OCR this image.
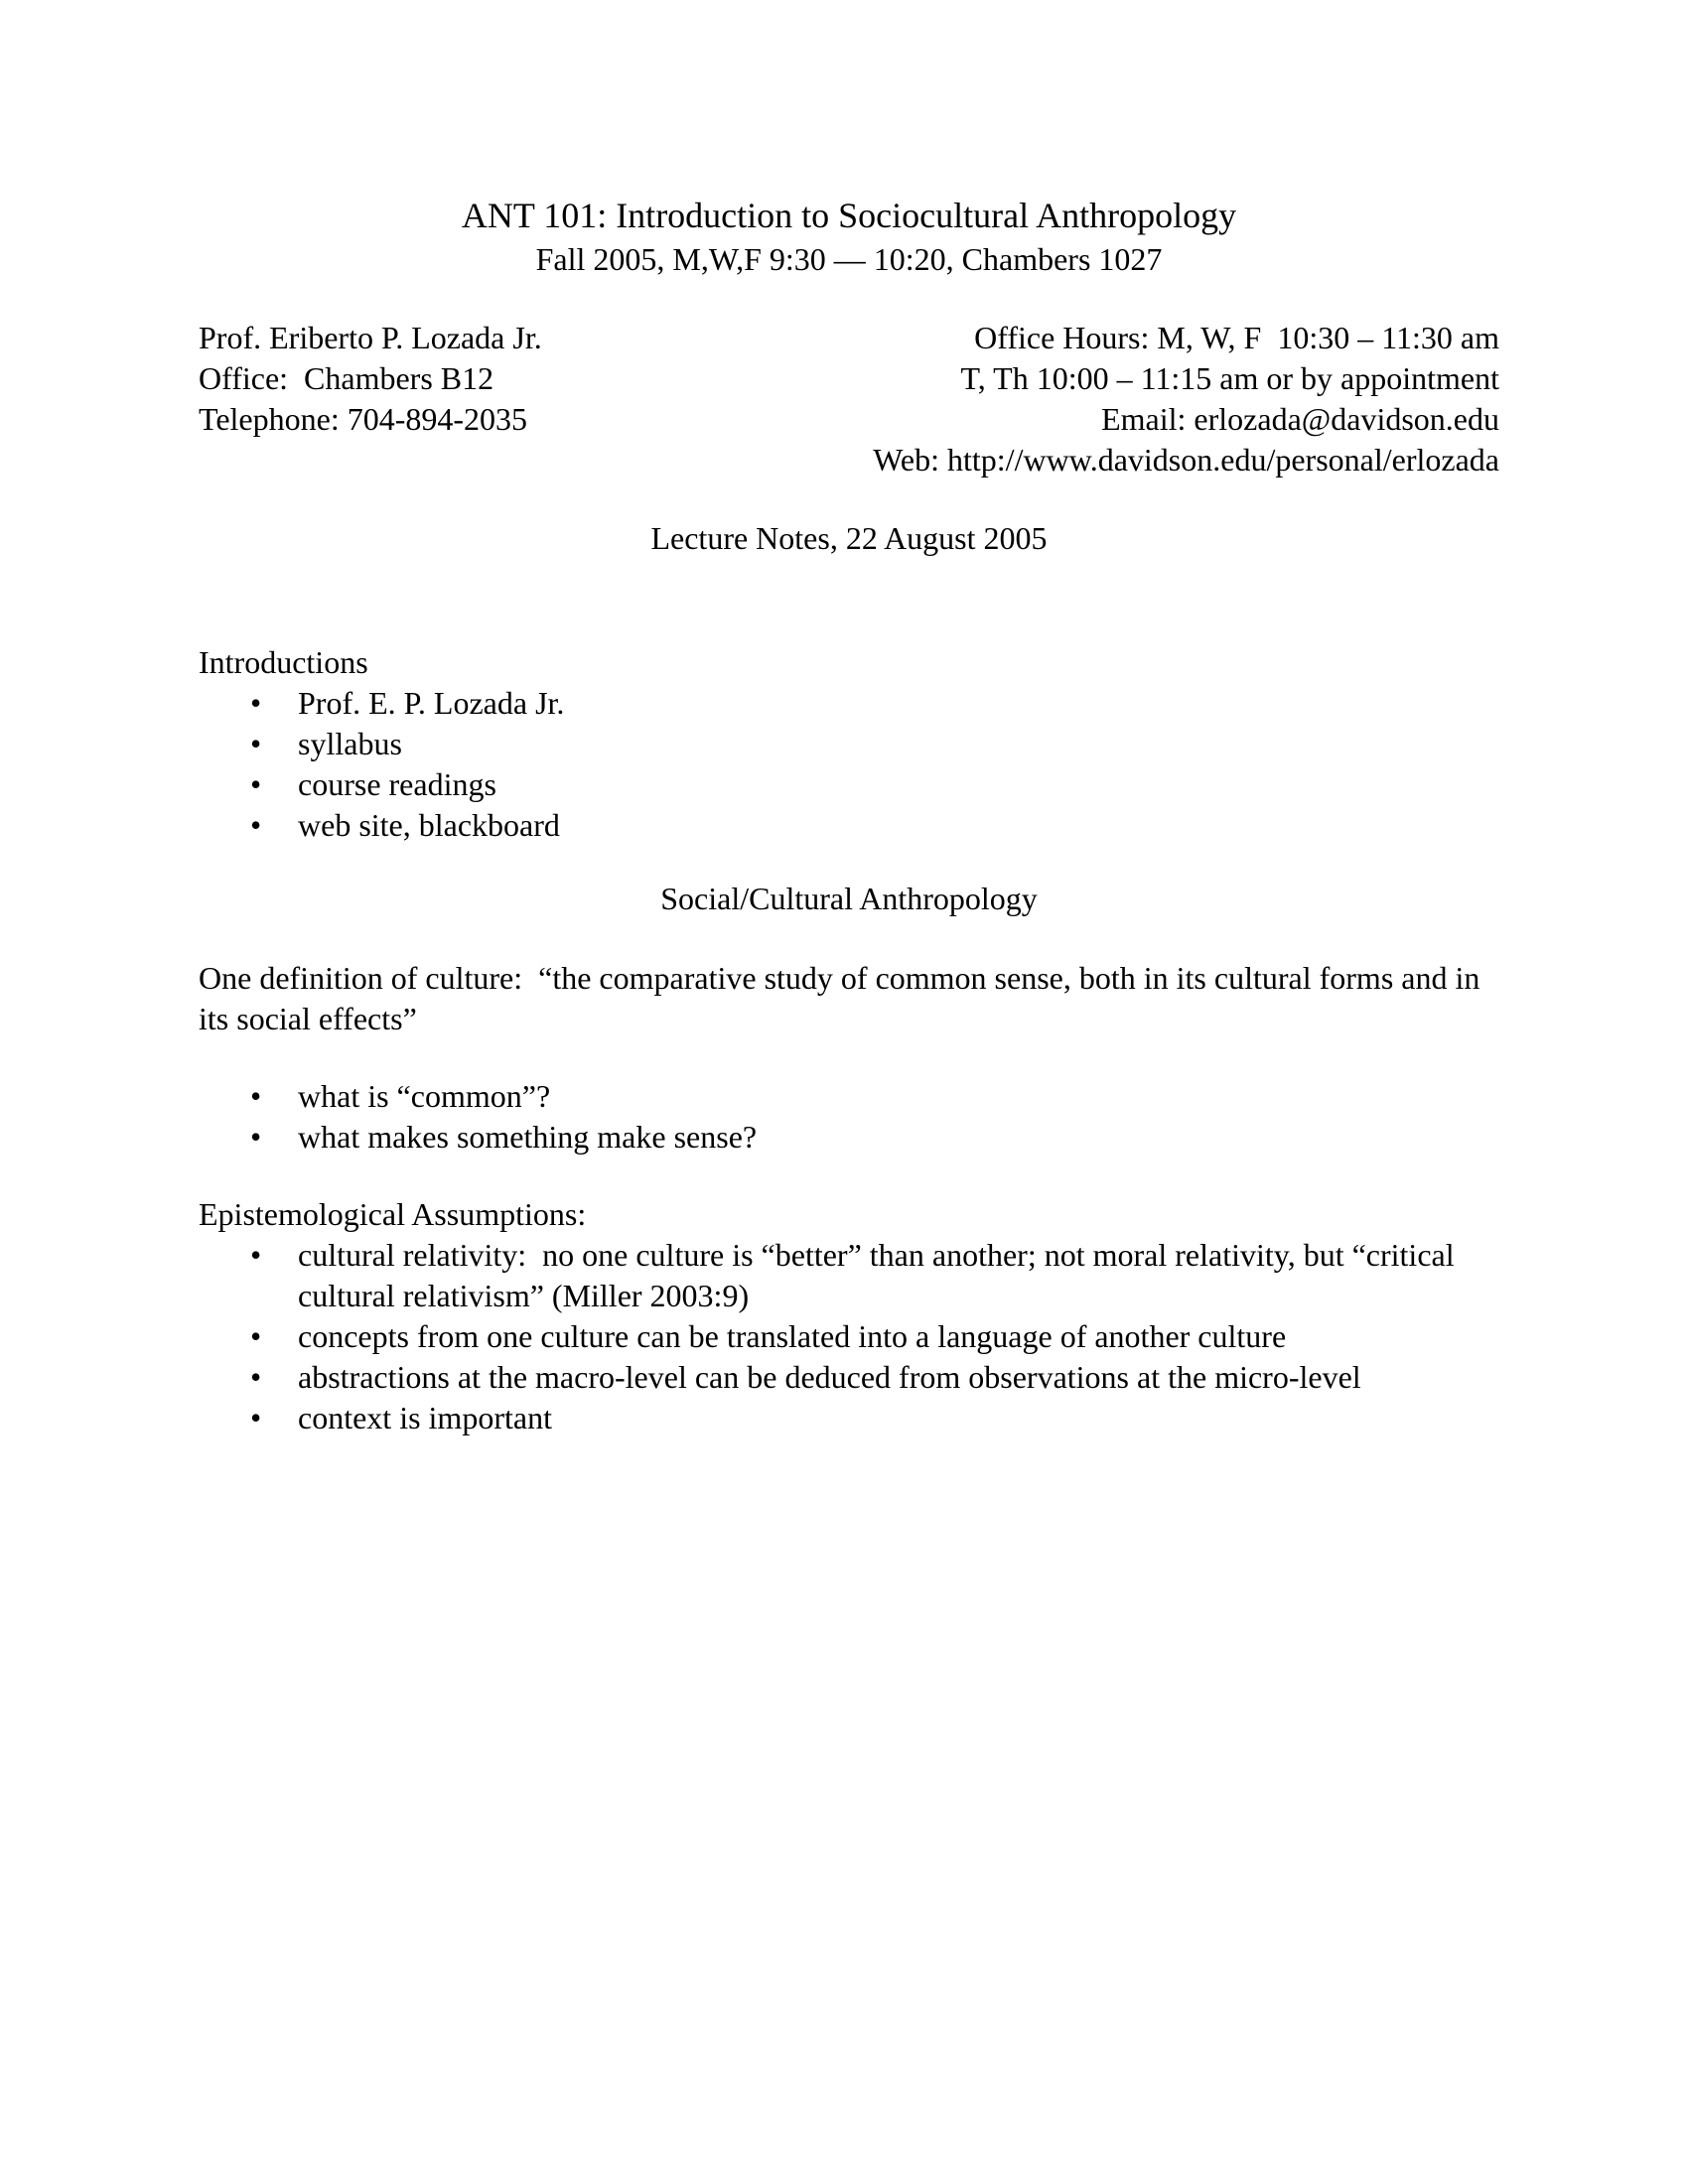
ANT 101: Introduction to Sociocultural Anthropology
Fall 2005, M,W,F 9:30 — 10:20, Chambers 1027
Prof. Eriberto P. Lozada Jr.
Office:  Chambers B12
Telephone: 704-894-2035
Office Hours: M, W, F  10:30 – 11:30 am
T, Th 10:00 – 11:15 am or by appointment
Email: erlozada@davidson.edu
Web: http://www.davidson.edu/personal/erlozada
Lecture Notes, 22 August 2005
Introductions
• Prof. E. P. Lozada Jr.
• syllabus
• course readings
• web site, blackboard
Social/Cultural Anthropology
One definition of culture:  “the comparative study of common sense, both in its cultural forms and in its social effects”
• what is “common”?
• what makes something make sense?
Epistemological Assumptions:
• cultural relativity:  no one culture is “better” than another; not moral relativity, but “critical cultural relativism” (Miller 2003:9)
• concepts from one culture can be translated into a language of another culture
• abstractions at the macro-level can be deduced from observations at the micro-level
• context is important
